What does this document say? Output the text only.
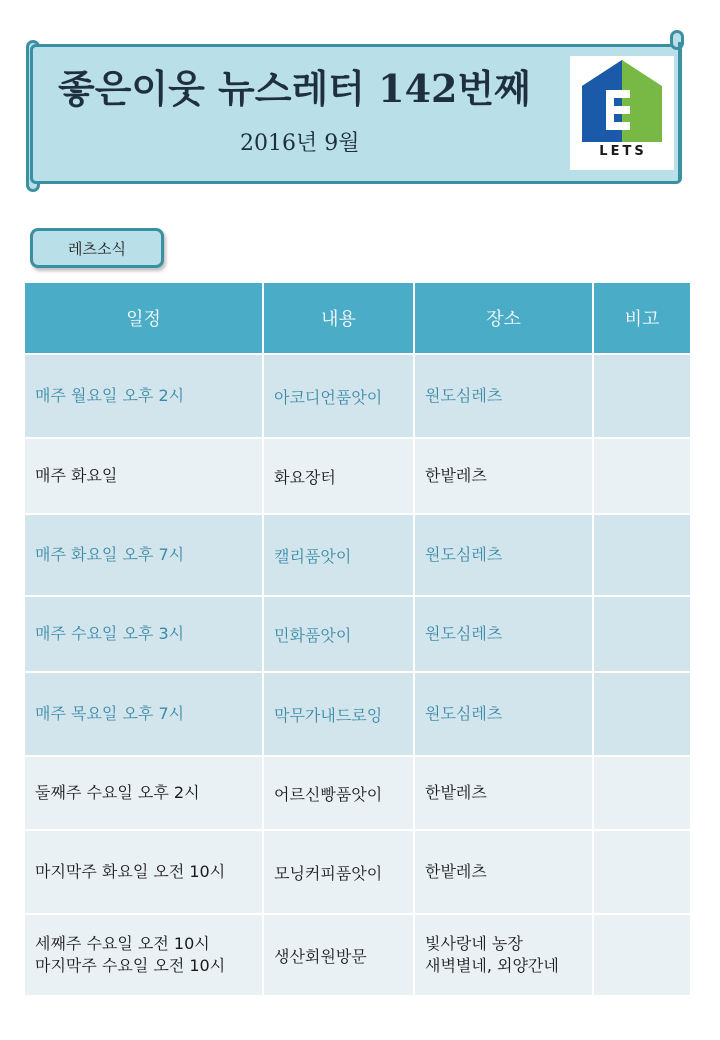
좋은이웃 뉴스레터 142번째
2016년 9월	LETS
레츠소식
일정	내용	장소	비고

매주 월요일 오후 2시	아코디언품앗이	원도심레츠	

매주 화요일	화요장터	한밭레츠	

매주 화요일 오후 7시	캘리품앗이	원도심레츠	

매주 수요일 오후 3시	민화품앗이	원도심레츠	

매주 목요일 오후 7시	막무가내드로잉	원도심레츠	

둘째주 수요일 오후 2시	어르신빵품앗이	한밭레츠	

마지막주 화요일 오전 10시	모닝커피품앗이	한밭레츠	

세째주 수요일 오전 10시
마지막주 수요일 오전 10시	생산회원방문	빛사랑네 농장
새벽별네, 외양간네	
